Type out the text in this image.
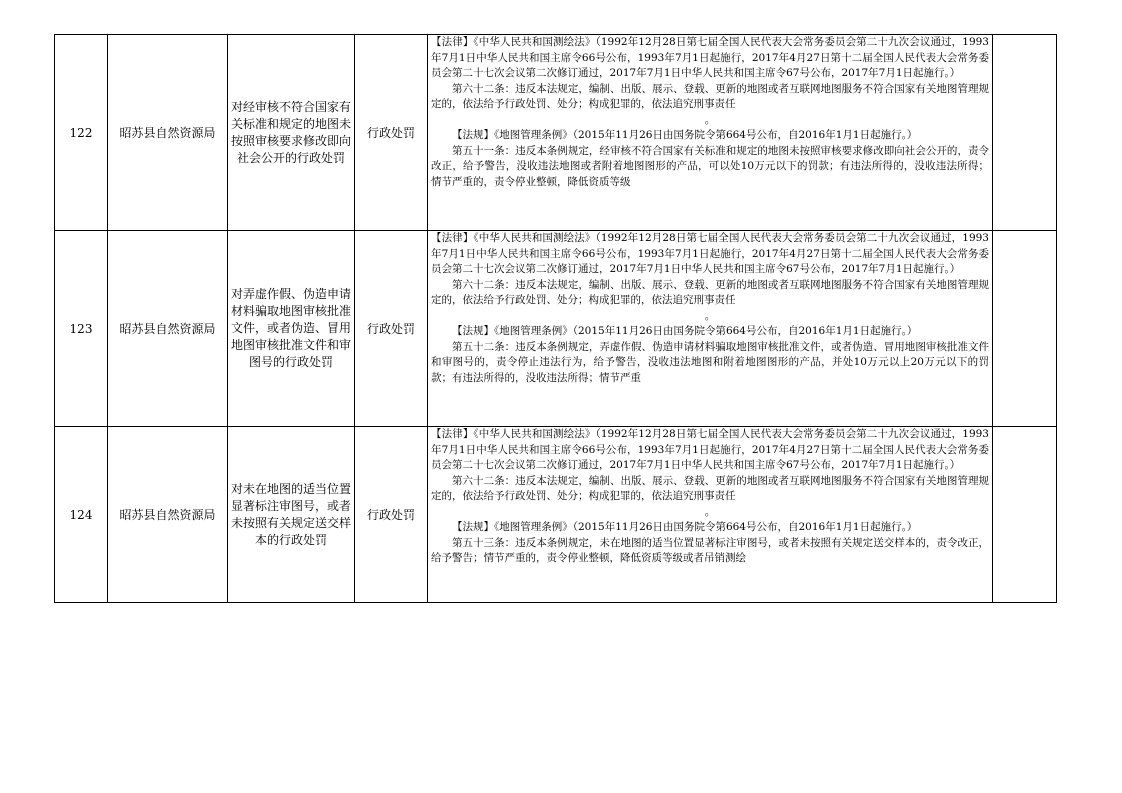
122	昭苏县自然资源局	对经审核不符合国家有关标准和规定的地图未按照审核要求修改即向社会公开的行政处罚	行政处罚	【法律】《中华人民共和国测绘法》（1992年12月28日第七届全国人民代表大会常务委员会第二十九次会议通过，1993年7月1日中华人民共和国主席令66号公布，1993年7月1日起施行，2017年4月27日第十二届全国人民代表大会常务委员会第二十七次会议第二次修订通过，2017年7月1日中华人民共和国主席令67号公布，2017年7月1日起施行。）

第六十二条：违反本法规定，编制、出版、展示、登载、更新的地图或者互联网地图服务不符合国家有关地图管理规定的，依法给予行政处罚、处分；构成犯罪的，依法追究刑事责任

。

【法规】《地图管理条例》（2015年11月26日由国务院令第664号公布，自2016年1月1日起施行。）

第五十一条：违反本条例规定，经审核不符合国家有关标准和规定的地图未按照审核要求修改即向社会公开的，责令改正，给予警告，没收违法地图或者附着地图图形的产品，可以处10万元以下的罚款；有违法所得的，没收违法所得；情节严重的，责令停业整顿，降低资质等级	

123	昭苏县自然资源局	对弄虚作假、伪造申请材料骗取地图审核批准文件，或者伪造、冒用地图审核批准文件和审图号的行政处罚	行政处罚	【法律】《中华人民共和国测绘法》（1992年12月28日第七届全国人民代表大会常务委员会第二十九次会议通过，1993年7月1日中华人民共和国主席令66号公布，1993年7月1日起施行，2017年4月27日第十二届全国人民代表大会常务委员会第二十七次会议第二次修订通过，2017年7月1日中华人民共和国主席令67号公布，2017年7月1日起施行。）

第六十二条：违反本法规定，编制、出版、展示、登载、更新的地图或者互联网地图服务不符合国家有关地图管理规定的，依法给予行政处罚、处分；构成犯罪的，依法追究刑事责任

。

【法规】《地图管理条例》（2015年11月26日由国务院令第664号公布，自2016年1月1日起施行。）

第五十二条：违反本条例规定，弄虚作假、伪造申请材料骗取地图审核批准文件，或者伪造、冒用地图审核批准文件和审图号的，责令停止违法行为，给予警告，没收违法地图和附着地图图形的产品，并处10万元以上20万元以下的罚款；有违法所得的，没收违法所得；情节严重	

124	昭苏县自然资源局	对未在地图的适当位置显著标注审图号，或者未按照有关规定送交样本的行政处罚	行政处罚	【法律】《中华人民共和国测绘法》（1992年12月28日第七届全国人民代表大会常务委员会第二十九次会议通过，1993年7月1日中华人民共和国主席令66号公布，1993年7月1日起施行，2017年4月27日第十二届全国人民代表大会常务委员会第二十七次会议第二次修订通过，2017年7月1日中华人民共和国主席令67号公布，2017年7月1日起施行。）

第六十二条：违反本法规定，编制、出版、展示、登载、更新的地图或者互联网地图服务不符合国家有关地图管理规定的，依法给予行政处罚、处分；构成犯罪的，依法追究刑事责任

。

【法规】《地图管理条例》（2015年11月26日由国务院令第664号公布，自2016年1月1日起施行。）

第五十三条：违反本条例规定，未在地图的适当位置显著标注审图号，或者未按照有关规定送交样本的，责令改正，给予警告；情节严重的，责令停业整顿，降低资质等级或者吊销测绘	
